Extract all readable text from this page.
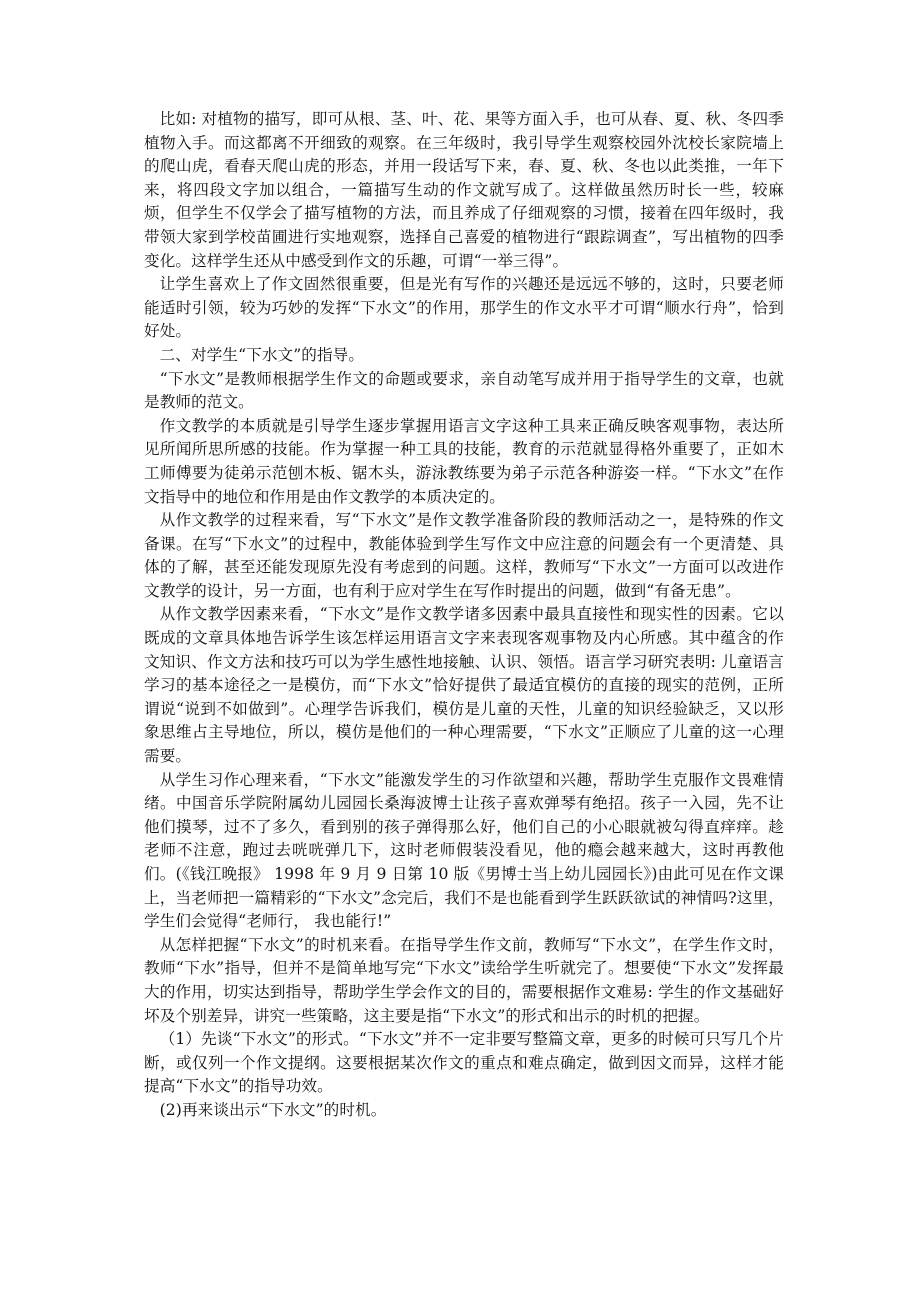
比如: 对植物的描写，即可从根、茎、叶、花、果等方面入手，也可从春、夏、秋、冬四季植物入手。而这都离不开细致的观察。在三年级时，我引导学生观察校园外沈校长家院墙上的爬山虎，看春天爬山虎的形态，并用一段话写下来，春、夏、秋、冬也以此类推，一年下来，将四段文字加以组合，一篇描写生动的作文就写成了。这样做虽然历时长一些，较麻烦，但学生不仅学会了描写植物的方法，而且养成了仔细观察的习惯，接着在四年级时，我带领大家到学校苗圃进行实地观察，选择自己喜爱的植物进行“跟踪调查”，写出植物的四季变化。这样学生还从中感受到作文的乐趣，可谓“一举三得”。

让学生喜欢上了作文固然很重要，但是光有写作的兴趣还是远远不够的，这时，只要老师能适时引领，较为巧妙的发挥“下水文”的作用，那学生的作文水平才可谓“顺水行舟”，恰到好处。

二、对学生“下水文”的指导。

“下水文”是教师根据学生作文的命题或要求，亲自动笔写成并用于指导学生的文章，也就是教师的范文。

作文教学的本质就是引导学生逐步掌握用语言文字这种工具来正确反映客观事物，表达所见所闻所思所感的技能。作为掌握一种工具的技能，教育的示范就显得格外重要了，正如木工师傅要为徒弟示范刨木板、锯木头，游泳教练要为弟子示范各种游姿一样。“下水文”在作文指导中的地位和作用是由作文教学的本质决定的。

从作文教学的过程来看，写“下水文”是作文教学准备阶段的教师活动之一，是特殊的作文备课。在写“下水文”的过程中，教能体验到学生写作文中应注意的问题会有一个更清楚、具体的了解，甚至还能发现原先没有考虑到的问题。这样，教师写“下水文”一方面可以改进作文教学的设计，另一方面，也有利于应对学生在写作时提出的问题，做到“有备无患”。

从作文教学因素来看，“下水文”是作文教学诸多因素中最具直接性和现实性的因素。它以既成的文章具体地告诉学生该怎样运用语言文字来表现客观事物及内心所感。其中蕴含的作文知识、作文方法和技巧可以为学生感性地接触、认识、领悟。语言学习研究表明: 儿童语言学习的基本途径之一是模仿，而“下水文”恰好提供了最适宜模仿的直接的现实的范例，正所谓说“说到不如做到”。心理学告诉我们，模仿是儿童的天性，儿童的知识经验缺乏，又以形象思维占主导地位，所以，模仿是他们的一种心理需要，“下水文”正顺应了儿童的这一心理需要。

从学生习作心理来看，“下水文”能激发学生的习作欲望和兴趣，帮助学生克服作文畏难情绪。中国音乐学院附属幼儿园园长桑海波博士让孩子喜欢弹琴有绝招。孩子一入园，先不让他们摸琴，过不了多久，看到别的孩子弹得那么好，他们自己的小心眼就被勾得直痒痒。趁老师不注意，跑过去咣咣弹几下，这时老师假装没看见，他的瘾会越来越大，这时再教他们。(《钱江晚报》 1998 年 9 月 9 日第 10 版《男博士当上幼儿园园长》)由此可见在作文课上，当老师把一篇精彩的“下水文”念完后，我们不是也能看到学生跃跃欲试的神情吗?这里，学生们会觉得“老师行， 我也能行!”

从怎样把握“下水文”的时机来看。在指导学生作文前，教师写“下水文”，在学生作文时，教师“下水”指导，但并不是简单地写完“下水文”读给学生听就完了。想要使“下水文”发挥最大的作用，切实达到指导，帮助学生学会作文的目的，需要根据作文难易: 学生的作文基础好坏及个别差异，讲究一些策略，这主要是指“下水文”的形式和出示的时机的把握。

（1）先谈“下水文”的形式。“下水文”并不一定非要写整篇文章，更多的时候可只写几个片断，或仅列一个作文提纲。这要根据某次作文的重点和难点确定，做到因文而异，这样才能提高“下水文”的指导功效。

(2)再来谈出示“下水文”的时机。
